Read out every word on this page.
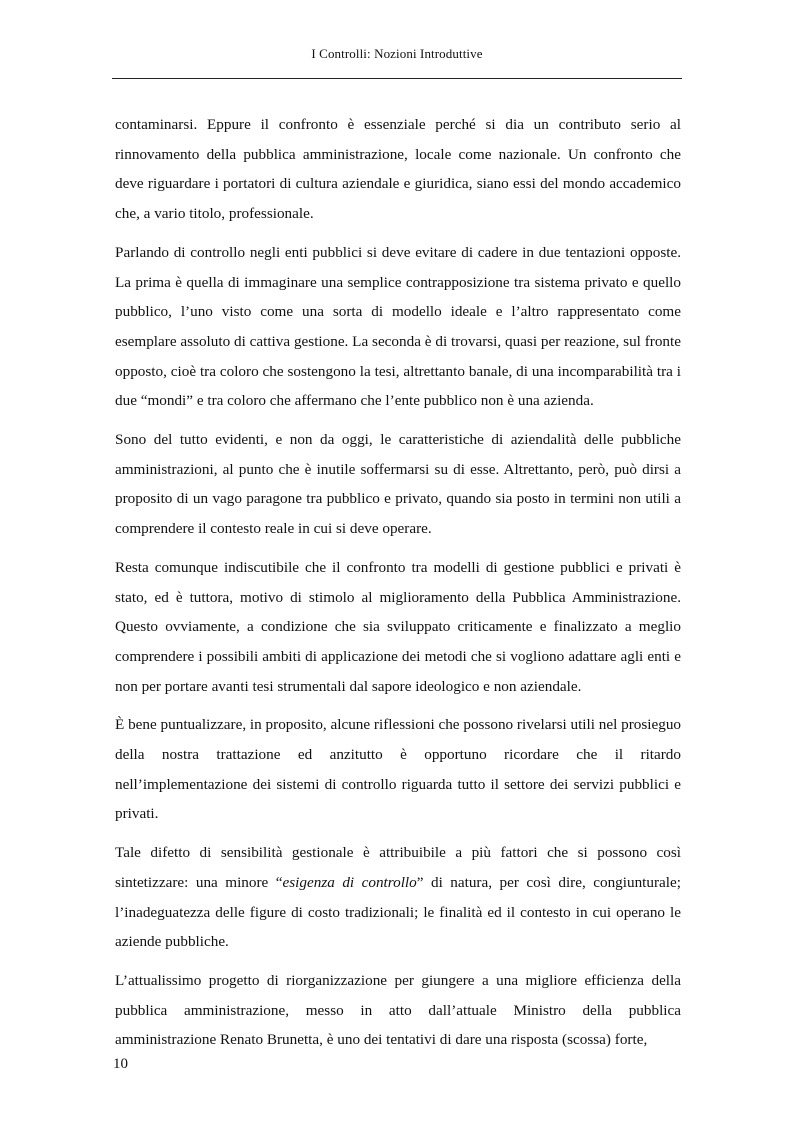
I Controlli: Nozioni Introduttive

contaminarsi. Eppure il confronto è essenziale perché si dia un contributo serio al rinnovamento della pubblica amministrazione, locale come nazionale. Un confronto che deve riguardare i portatori di cultura aziendale e giuridica, siano essi del mondo accademico che, a vario titolo, professionale.

Parlando di controllo negli enti pubblici si deve evitare di cadere in due tentazioni opposte. La prima è quella di immaginare una semplice contrapposizione tra sistema privato e quello pubblico, l’uno visto come una sorta di modello ideale e l’altro rappresentato come esemplare assoluto di cattiva gestione. La seconda è di trovarsi, quasi per reazione, sul fronte opposto, cioè tra coloro che sostengono la tesi, altrettanto banale, di una incomparabilità tra i due “mondi” e tra coloro che affermano che l’ente pubblico non è una azienda.

Sono del tutto evidenti, e non da oggi, le caratteristiche di aziendalità delle pubbliche amministrazioni, al punto che è inutile soffermarsi su di esse. Altrettanto, però, può dirsi a proposito di un vago paragone tra pubblico e privato, quando sia posto in termini non utili a comprendere il contesto reale in cui si deve operare.

Resta comunque indiscutibile che il confronto tra modelli di gestione pubblici e privati è stato, ed è tuttora, motivo di stimolo al miglioramento della Pubblica Amministrazione. Questo ovviamente, a condizione che sia sviluppato criticamente e finalizzato a meglio comprendere i possibili ambiti di applicazione dei metodi che si vogliono adattare agli enti e non per portare avanti tesi strumentali dal sapore ideologico e non aziendale.

È bene puntualizzare, in proposito, alcune riflessioni che possono rivelarsi utili nel prosieguo della nostra trattazione ed anzitutto è opportuno ricordare che il ritardo nell’implementazione dei sistemi di controllo riguarda tutto il settore dei servizi pubblici e privati.

Tale difetto di sensibilità gestionale è attribuibile a più fattori che si possono così sintetizzare: una minore “esigenza di controllo” di natura, per così dire, congiunturale; l’inadeguatezza delle figure di costo tradizionali; le finalità ed il contesto in cui operano le aziende pubbliche.

L’attualissimo progetto di riorganizzazione per giungere a una migliore efficienza della pubblica amministrazione, messo in atto dall’attuale Ministro della pubblica amministrazione Renato Brunetta, è uno dei tentativi di dare una risposta (scossa) forte,

10
